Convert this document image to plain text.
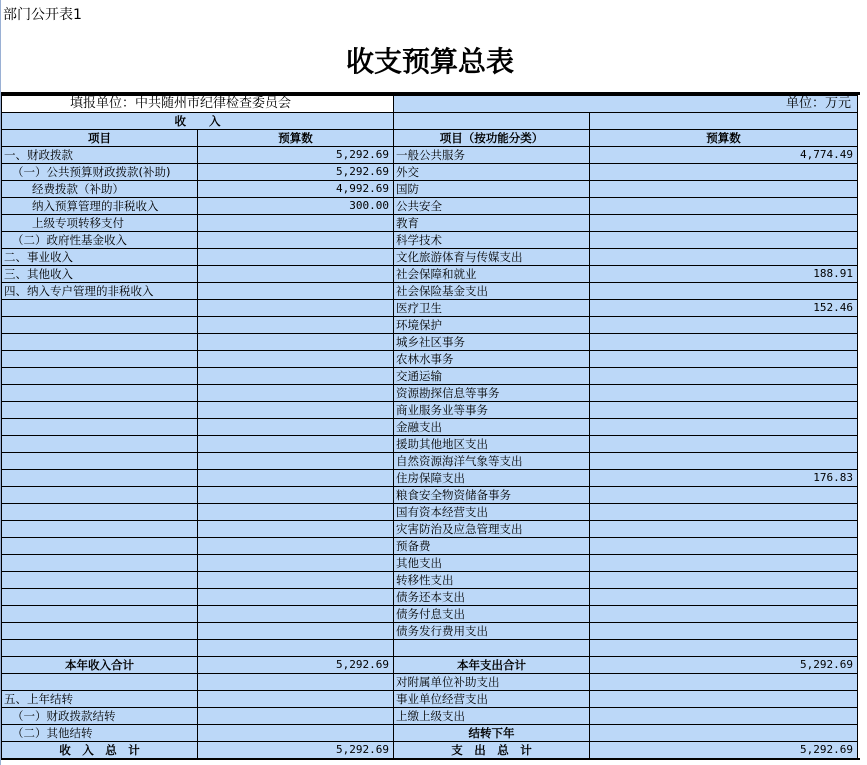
部门公开表1
收支预算总表
填报单位：中共随州市纪律检查委员会		单位：万元	
收　　入			
项目	预算数	项目（按功能分类）	预算数
一、财政拨款	5,292.69	一般公共服务	4,774.49
（一）公共预算财政拨款(补助)	5,292.69	外交	
经费拨款（补助）	4,992.69	国防	
纳入预算管理的非税收入	300.00	公共安全	
上级专项转移支付		教育	
（二）政府性基金收入		科学技术	
二、事业收入		文化旅游体育与传媒支出	
三、其他收入		社会保障和就业	188.91
四、纳入专户管理的非税收入		社会保险基金支出	
		医疗卫生	152.46
		环境保护	
		城乡社区事务	
		农林水事务	
		交通运输	
		资源勘探信息等事务	
		商业服务业等事务	
		金融支出	
		援助其他地区支出	
		自然资源海洋气象等支出	
		住房保障支出	176.83
		粮食安全物资储备事务	
		国有资本经营支出	
		灾害防治及应急管理支出	
		预备费	
		其他支出	
		转移性支出	
		债务还本支出	
		债务付息支出	
		债务发行费用支出	

本年收入合计	5,292.69	本年支出合计	5,292.69
		对附属单位补助支出	
五、上年结转		事业单位经营支出	
（一）财政拨款结转		上缴上级支出	
（二）其他结转		结转下年	
收　入　总　计	5,292.69	支　出　总　计	5,292.69
